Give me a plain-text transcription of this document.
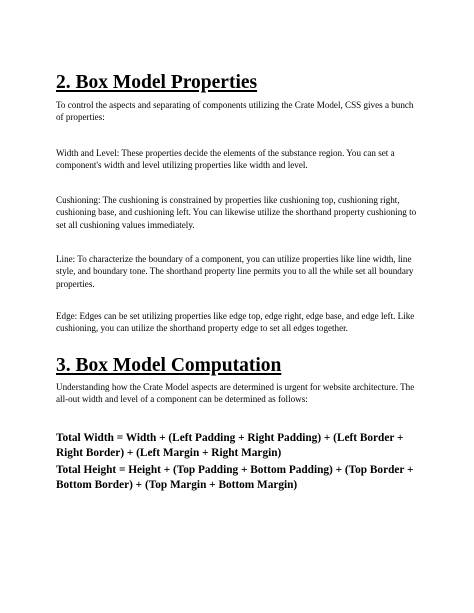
2. Box Model Properties

To control the aspects and separating of components utilizing the Crate Model, CSS gives a bunch of properties:

Width and Level: These properties decide the elements of the substance region. You can set a component's width and level utilizing properties like width and level.

Cushioning: The cushioning is constrained by properties like cushioning top, cushioning right, cushioning base, and cushioning left. You can likewise utilize the shorthand property cushioning to set all cushioning values immediately.

Line: To characterize the boundary of a component, you can utilize properties like line width, line style, and boundary tone. The shorthand property line permits you to all the while set all boundary properties.

Edge: Edges can be set utilizing properties like edge top, edge right, edge base, and edge left. Like cushioning, you can utilize the shorthand property edge to set all edges together.

3. Box Model Computation

Understanding how the Crate Model aspects are determined is urgent for website architecture. The all-out width and level of a component can be determined as follows:

Total Width = Width + (Left Padding + Right Padding) + (Left Border + Right Border) + (Left Margin + Right Margin)

Total Height = Height + (Top Padding + Bottom Padding) + (Top Border + Bottom Border) + (Top Margin + Bottom Margin)
